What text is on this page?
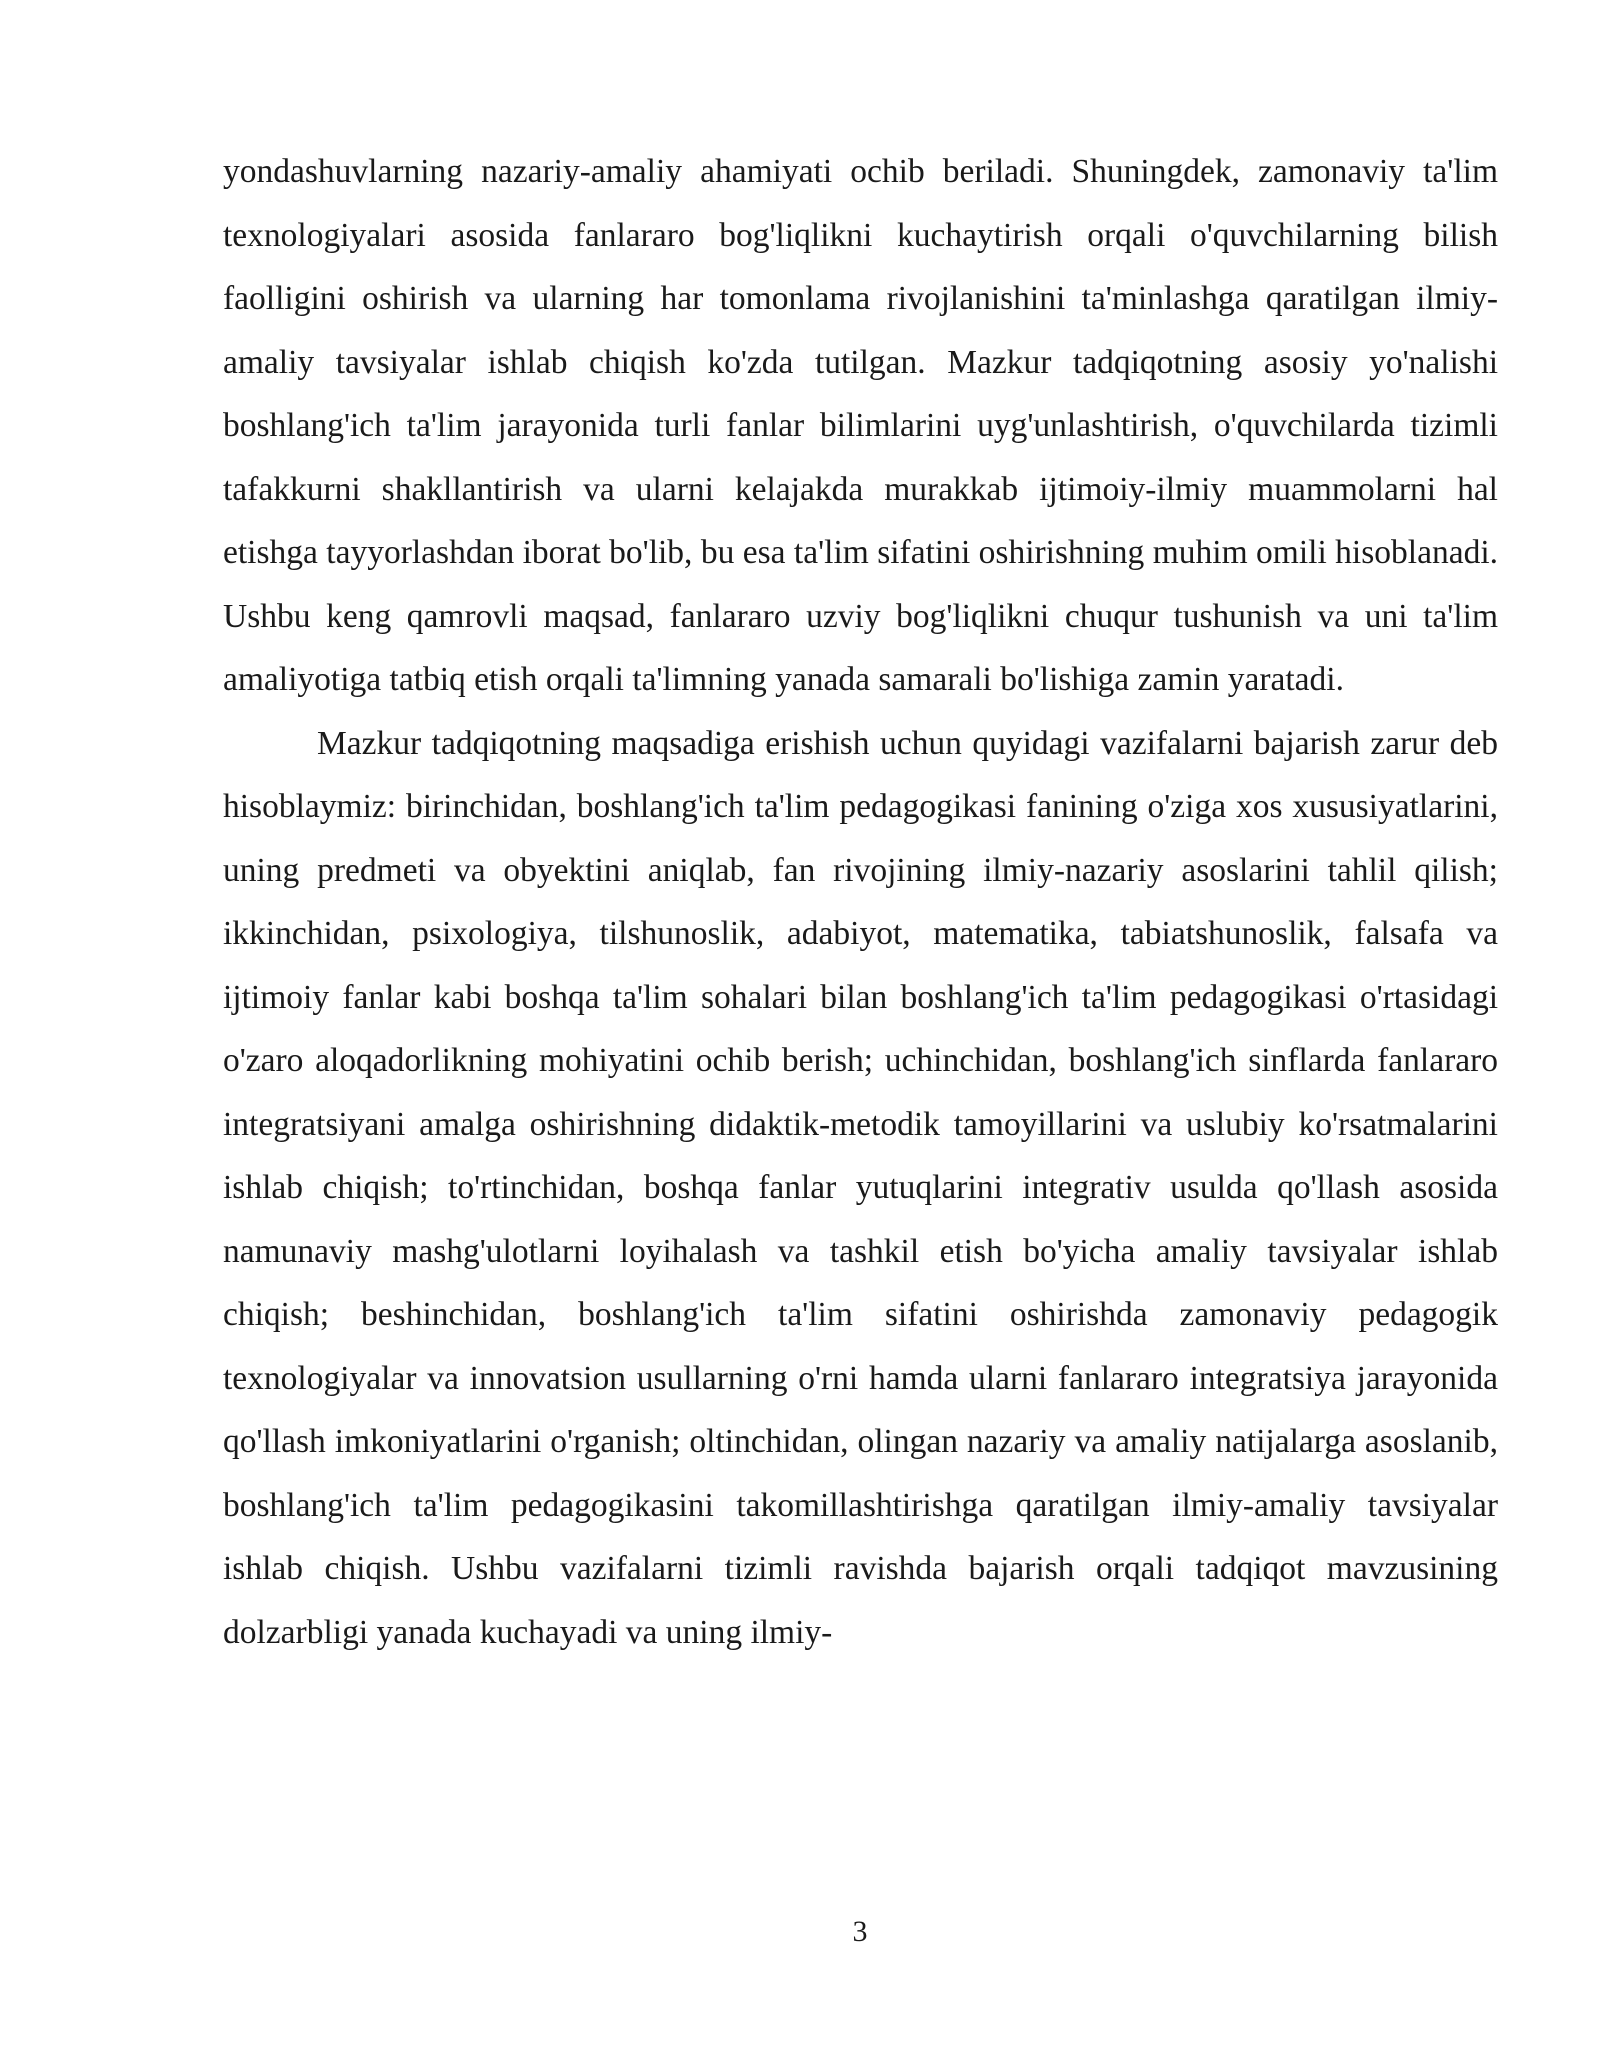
yondashuvlarning nazariy-amaliy ahamiyati ochib beriladi. Shuningdek, zamonaviy ta'lim texnologiyalari asosida fanlararo bog'liqlikni kuchaytirish orqali o'quvchilarning bilish faolligini oshirish va ularning har tomonlama rivojlanishini ta'minlashga qaratilgan ilmiy-amaliy tavsiyalar ishlab chiqish ko'zda tutilgan. Mazkur tadqiqotning asosiy yo'nalishi boshlang'ich ta'lim jarayonida turli fanlar bilimlarini uyg'unlashtirish, o'quvchilarda tizimli tafakkurni shakllantirish va ularni kelajakda murakkab ijtimoiy-ilmiy muammolarni hal etishga tayyorlashdan iborat bo'lib, bu esa ta'lim sifatini oshirishning muhim omili hisoblanadi. Ushbu keng qamrovli maqsad, fanlararo uzviy bog'liqlikni chuqur tushunish va uni ta'lim amaliyotiga tatbiq etish orqali ta'limning yanada samarali bo'lishiga zamin yaratadi.

Mazkur tadqiqotning maqsadiga erishish uchun quyidagi vazifalarni bajarish zarur deb hisoblaymiz: birinchidan, boshlang'ich ta'lim pedagogikasi fanining o'ziga xos xususiyatlarini, uning predmeti va obyektini aniqlab, fan rivojining ilmiy-nazariy asoslarini tahlil qilish; ikkinchidan, psixologiya, tilshunoslik, adabiyot, matematika, tabiatshunoslik, falsafa va ijtimoiy fanlar kabi boshqa ta'lim sohalari bilan boshlang'ich ta'lim pedagogikasi o'rtasidagi o'zaro aloqadorlikning mohiyatini ochib berish; uchinchidan, boshlang'ich sinflarda fanlararo integratsiyani amalga oshirishning didaktik-metodik tamoyillarini va uslubiy ko'rsatmalarini ishlab chiqish; to'rtinchidan, boshqa fanlar yutuqlarini integrativ usulda qo'llash asosida namunaviy mashg'ulotlarni loyihalash va tashkil etish bo'yicha amaliy tavsiyalar ishlab chiqish; beshinchidan, boshlang'ich ta'lim sifatini oshirishda zamonaviy pedagogik texnologiyalar va innovatsion usullarning o'rni hamda ularni fanlararo integratsiya jarayonida qo'llash imkoniyatlarini o'rganish; oltinchidan, olingan nazariy va amaliy natijalarga asoslanib, boshlang'ich ta'lim pedagogikasini takomillashtirishga qaratilgan ilmiy-amaliy tavsiyalar ishlab chiqish. Ushbu vazifalarni tizimli ravishda bajarish orqali tadqiqot mavzusining dolzarbligi yanada kuchayadi va uning ilmiy-

3
